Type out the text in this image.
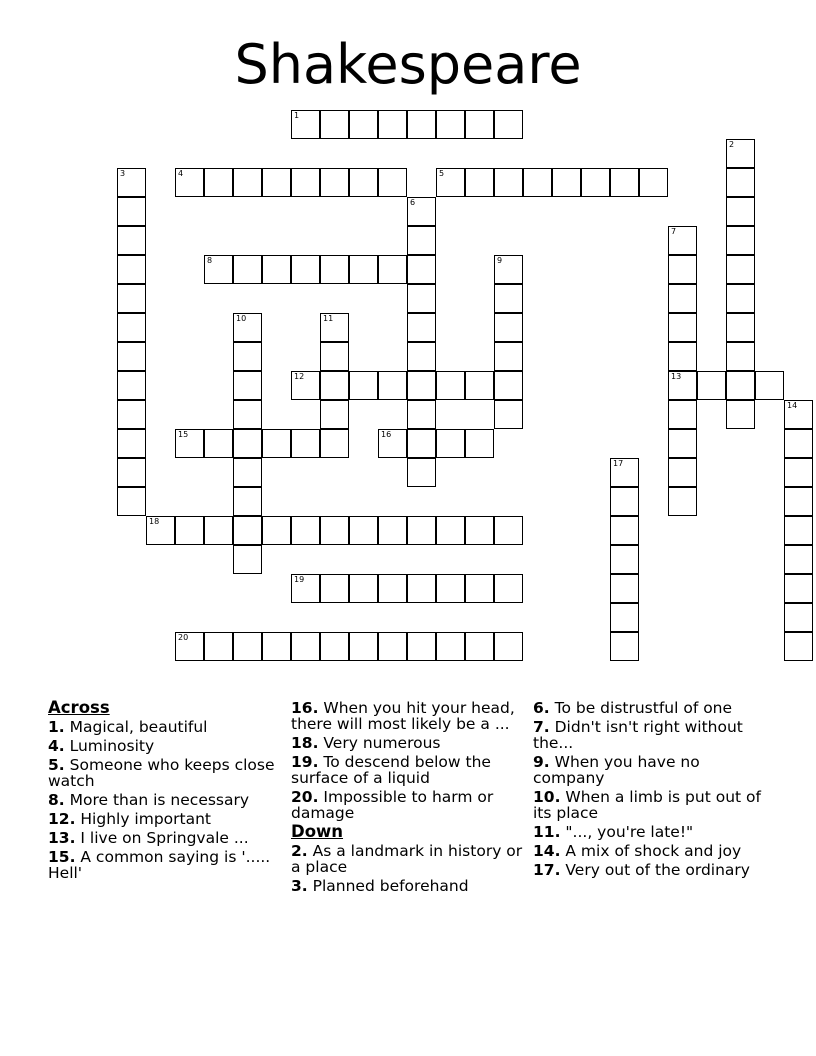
Shakespeare
1
2
3	4	5
6
7
13
8	9
10	11
12
14
15	16
17
18
19
20
Across
1. Magical, beautiful
4. Luminosity
5. Someone who keeps close watch
8. More than is necessary
12. Highly important
13. I live on Springvale ...
15. A common saying is '..... Hell'
16. When you hit your head, there will most likely be a ...
18. Very numerous
19. To descend below the surface of a liquid
20. Impossible to harm or damage
Down
2. As a landmark in history or a place
3. Planned beforehand
6. To be distrustful of one
7. Didn't isn't right without the...
9. When you have no company
10. When a limb is put out of its place
11. "..., you're late!"
14. A mix of shock and joy
17. Very out of the ordinary
